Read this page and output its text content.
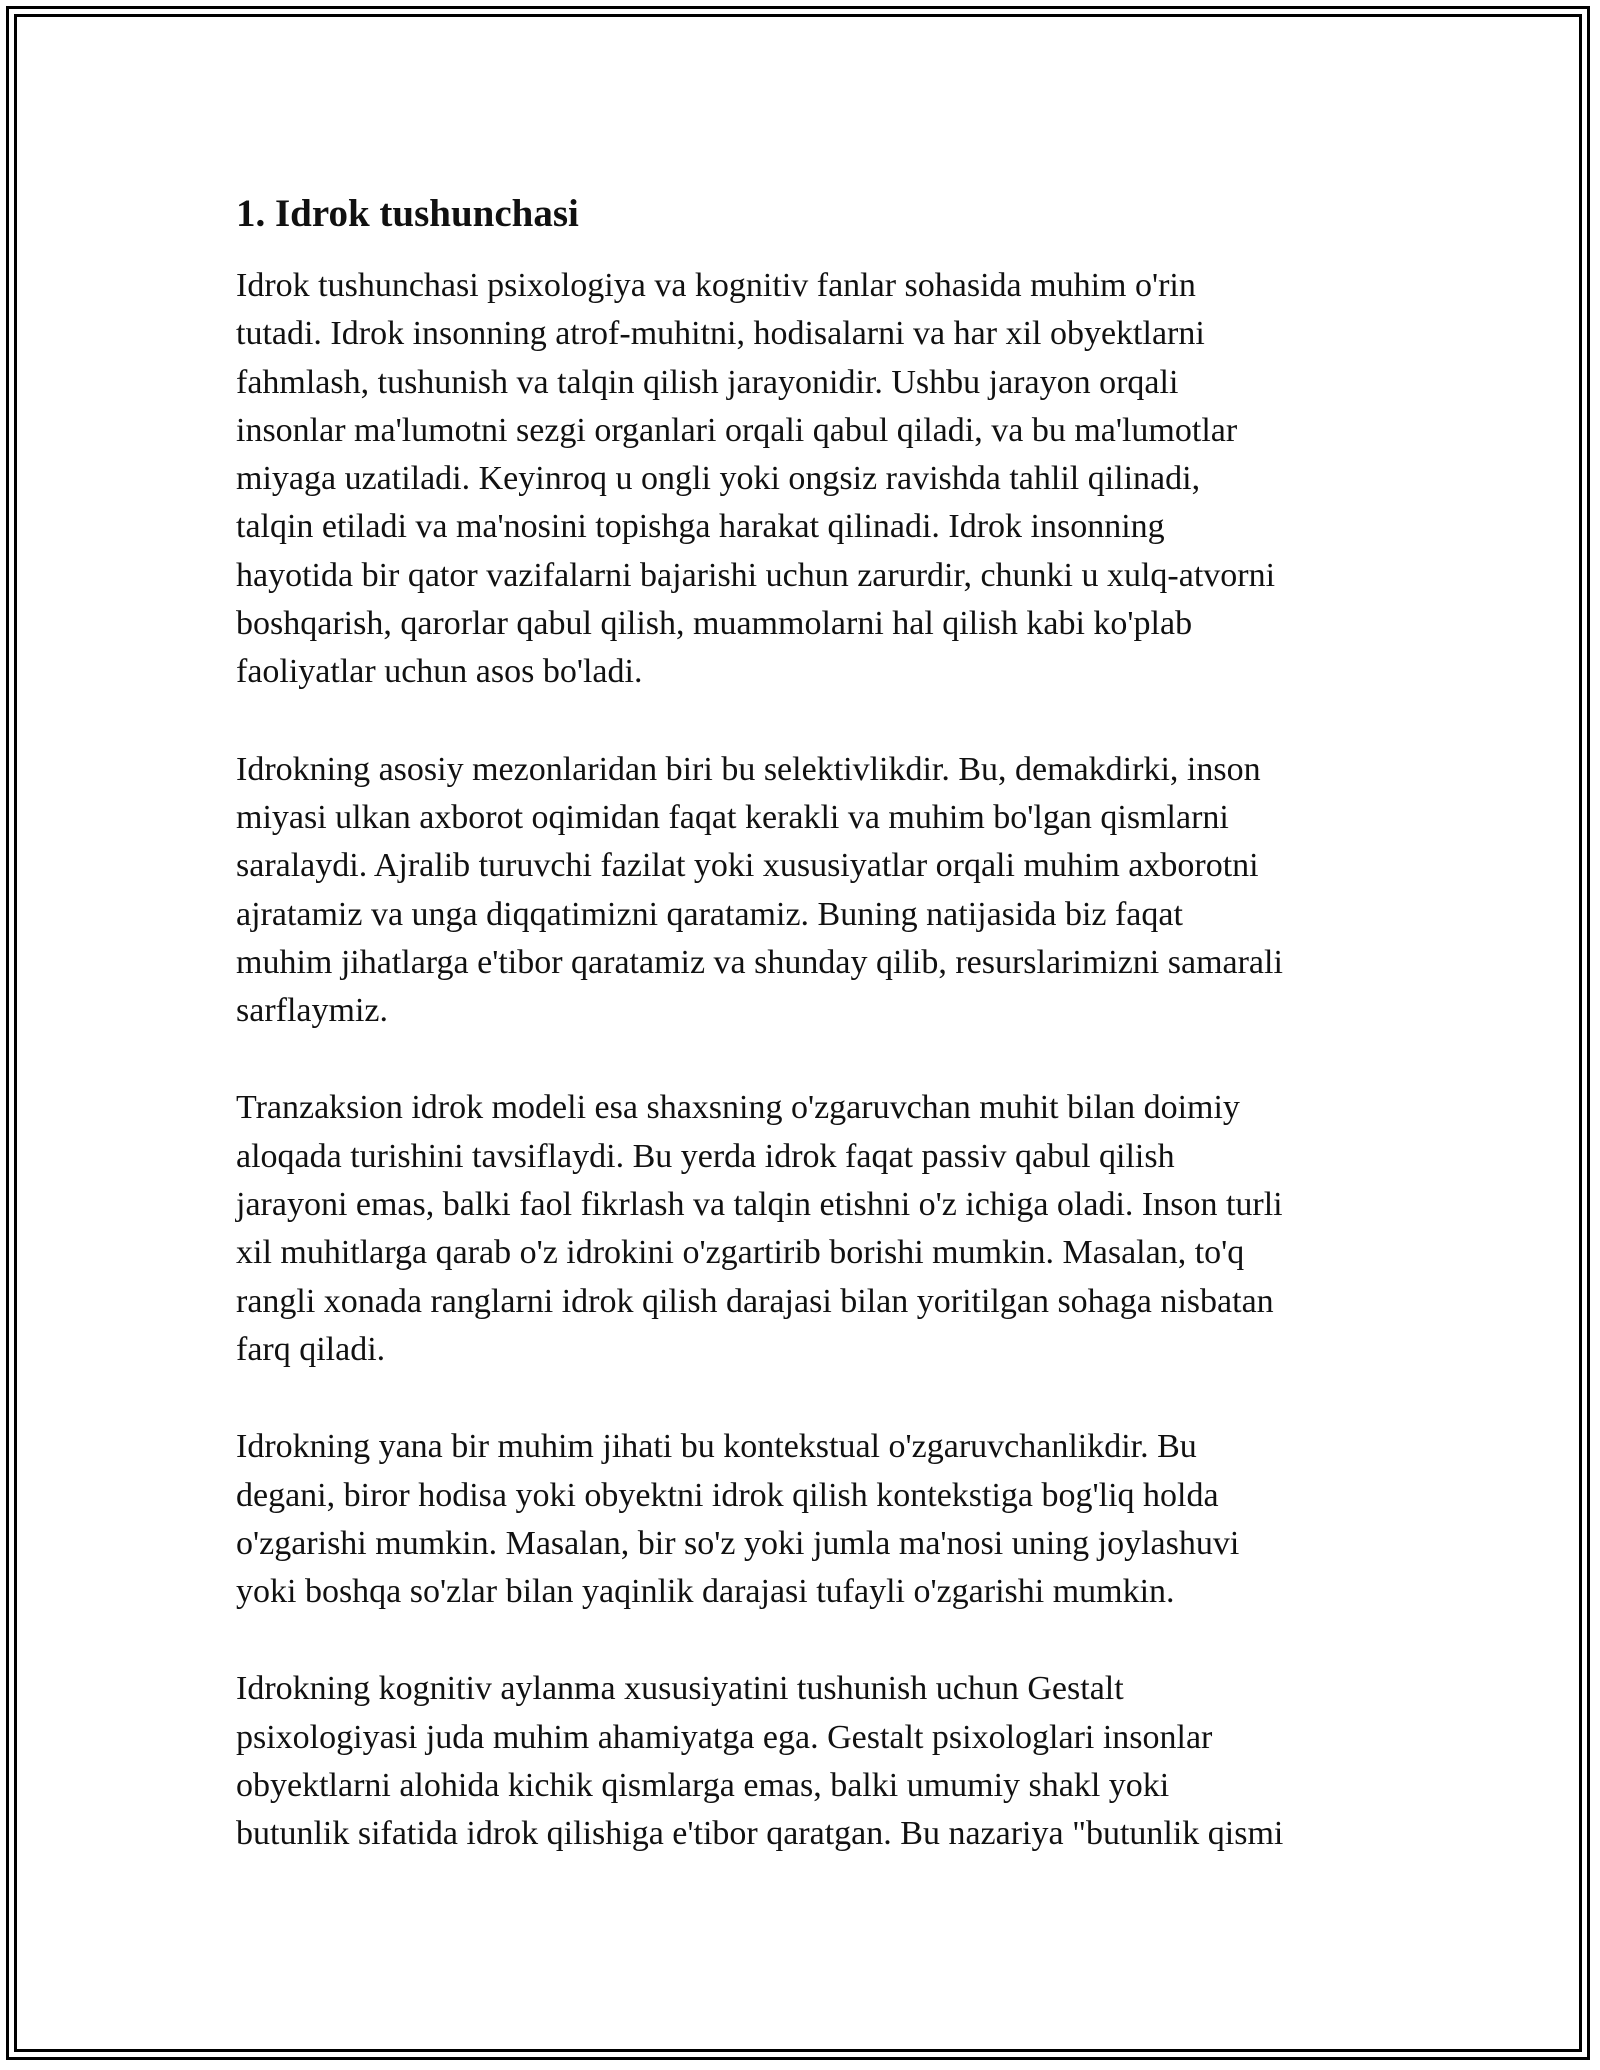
1. Idrok tushunchasi
Idrok tushunchasi psixologiya va kognitiv fanlar sohasida muhim o'rin
tutadi. Idrok insonning atrof-muhitni, hodisalarni va har xil obyektlarni
fahmlash, tushunish va talqin qilish jarayonidir. Ushbu jarayon orqali
insonlar ma'lumotni sezgi organlari orqali qabul qiladi, va bu ma'lumotlar
miyaga uzatiladi. Keyinroq u ongli yoki ongsiz ravishda tahlil qilinadi,
talqin etiladi va ma'nosini topishga harakat qilinadi. Idrok insonning
hayotida bir qator vazifalarni bajarishi uchun zarurdir, chunki u xulq-atvorni
boshqarish, qarorlar qabul qilish, muammolarni hal qilish kabi ko'plab
faoliyatlar uchun asos bo'ladi.
Idrokning asosiy mezonlaridan biri bu selektivlikdir. Bu, demakdirki, inson
miyasi ulkan axborot oqimidan faqat kerakli va muhim bo'lgan qismlarni
saralaydi. Ajralib turuvchi fazilat yoki xususiyatlar orqali muhim axborotni
ajratamiz va unga diqqatimizni qaratamiz. Buning natijasida biz faqat
muhim jihatlarga e'tibor qaratamiz va shunday qilib, resurslarimizni samarali
sarflaymiz.
Tranzaksion idrok modeli esa shaxsning o'zgaruvchan muhit bilan doimiy
aloqada turishini tavsiflaydi. Bu yerda idrok faqat passiv qabul qilish
jarayoni emas, balki faol fikrlash va talqin etishni o'z ichiga oladi. Inson turli
xil muhitlarga qarab o'z idrokini o'zgartirib borishi mumkin. Masalan, to'q
rangli xonada ranglarni idrok qilish darajasi bilan yoritilgan sohaga nisbatan
farq qiladi.
Idrokning yana bir muhim jihati bu kontekstual o'zgaruvchanlikdir. Bu
degani, biror hodisa yoki obyektni idrok qilish kontekstiga bog'liq holda
o'zgarishi mumkin. Masalan, bir so'z yoki jumla ma'nosi uning joylashuvi
yoki boshqa so'zlar bilan yaqinlik darajasi tufayli o'zgarishi mumkin.
Idrokning kognitiv aylanma xususiyatini tushunish uchun Gestalt
psixologiyasi juda muhim ahamiyatga ega. Gestalt psixologlari insonlar
obyektlarni alohida kichik qismlarga emas, balki umumiy shakl yoki
butunlik sifatida idrok qilishiga e'tibor qaratgan. Bu nazariya "butunlik qismi
